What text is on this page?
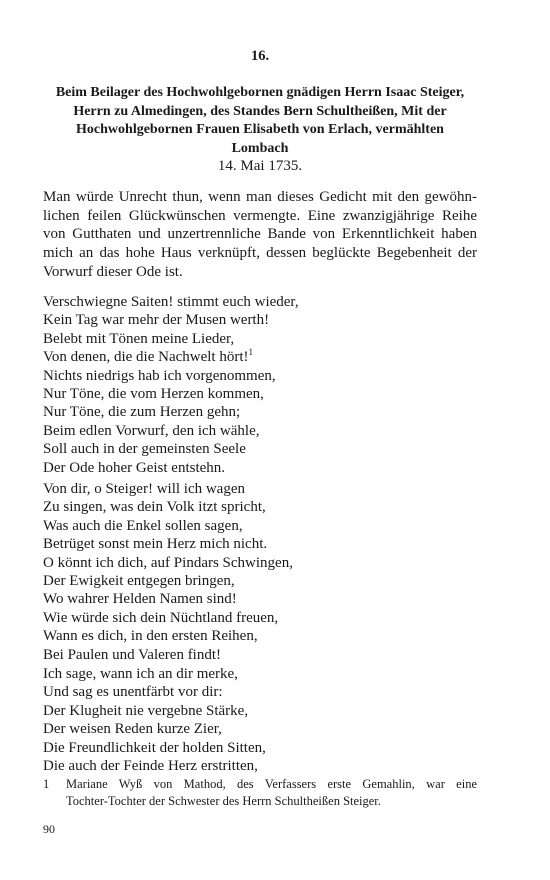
16.
Beim Beilager des Hochwohlgebornen gnädigen Herrn Isaac Steiger,
Herrn zu Almedingen, des Standes Bern Schultheißen, Mit der
Hochwohlgebornen Frauen Elisabeth von Erlach, vermählten
Lombach
14. Mai 1735.
Man würde Unrecht thun, wenn man dieses Gedicht mit den gewöhn-
lichen feilen Glückwünschen vermengte. Eine zwanzigjährige Reihe
von Gutthaten und unzertrennliche Bande von Erkenntlichkeit haben
mich an das hohe Haus verknüpft, dessen beglückte Begebenheit der
Vorwurf dieser Ode ist.
Verschwiegne Saiten! stimmt euch wieder,
Kein Tag war mehr der Musen werth!
Belebt mit Tönen meine Lieder,
Von denen, die die Nachwelt hört!$^1$
Nichts niedrigs hab ich vorgenommen,
Nur Töne, die vom Herzen kommen,
Nur Töne, die zum Herzen gehn;
Beim edlen Vorwurf, den ich wähle,
Soll auch in der gemeinsten Seele
Der Ode hoher Geist entstehn.
Von dir, o Steiger! will ich wagen
Zu singen, was dein Volk itzt spricht,
Was auch die Enkel sollen sagen,
Betrüget sonst mein Herz mich nicht.
O könnt ich dich, auf Pindars Schwingen,
Der Ewigkeit entgegen bringen,
Wo wahrer Helden Namen sind!
Wie würde sich dein Nüchtland freuen,
Wann es dich, in den ersten Reihen,
Bei Paulen und Valeren findt!
Ich sage, wann ich an dir merke,
Und sag es unentfärbt vor dir:
Der Klugheit nie vergebne Stärke,
Der weisen Reden kurze Zier,
Die Freundlichkeit der holden Sitten,
Die auch der Feinde Herz erstritten,
1 Mariane Wyß von Mathod, des Verfassers erste Gemahlin, war eine
Tochter-Tochter der Schwester des Herrn Schultheißen Steiger.
90
